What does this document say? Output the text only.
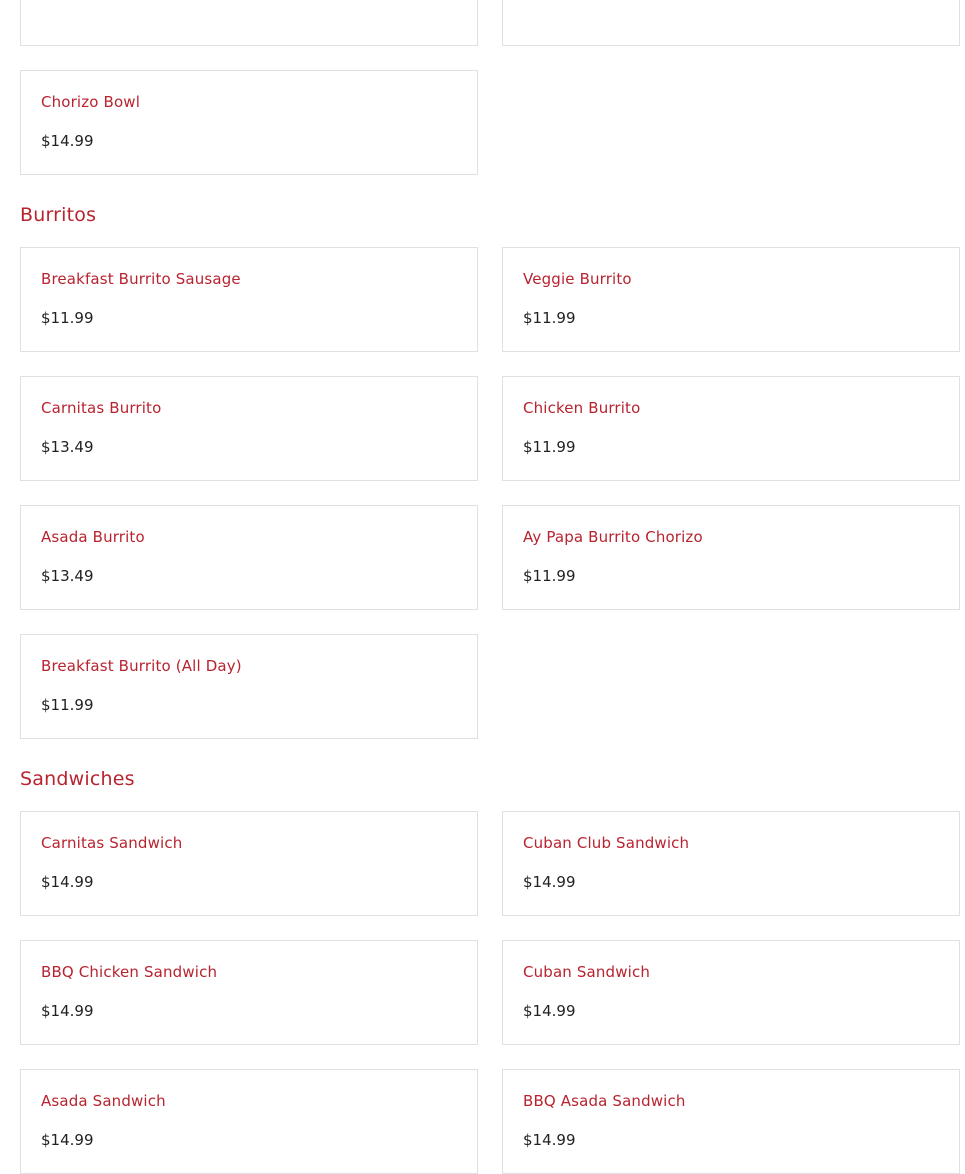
Chorizo Bowl
$14.99
Burritos
Breakfast Burrito Sausage
$11.99
Veggie Burrito
$11.99
Carnitas Burrito
$13.49
Chicken Burrito
$11.99
Asada Burrito
$13.49
Ay Papa Burrito Chorizo
$11.99
Breakfast Burrito (All Day)
$11.99
Sandwiches
Carnitas Sandwich
$14.99
Cuban Club Sandwich
$14.99
BBQ Chicken Sandwich
$14.99
Cuban Sandwich
$14.99
Asada Sandwich
$14.99
BBQ Asada Sandwich
$14.99
